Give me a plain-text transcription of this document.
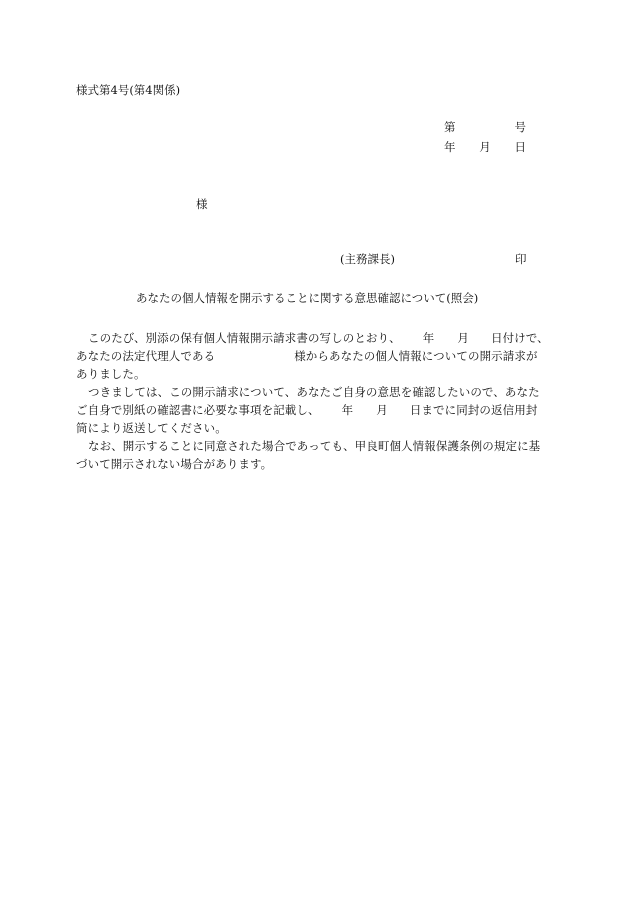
様式第4号(第4関係)
第	号
年 月 日
様
(主務課長)	印
あなたの個人情報を開示することに関する意思確認について(照会)
このたび、別添の保有個人情報開示請求書の写しのとおり、 年 月 日付けで、
あなたの法定代理人である	様からあなたの個人情報についての開示請求が
ありました。
つきましては、この開示請求について、あなたご自身の意思を確認したいので、あなた
ご自身で別紙の確認書に必要な事項を記載し、 年 月 日までに同封の返信用封
筒により返送してください。
なお、開示することに同意された場合であっても、甲良町個人情報保護条例の規定に基
づいて開示されない場合があります。
